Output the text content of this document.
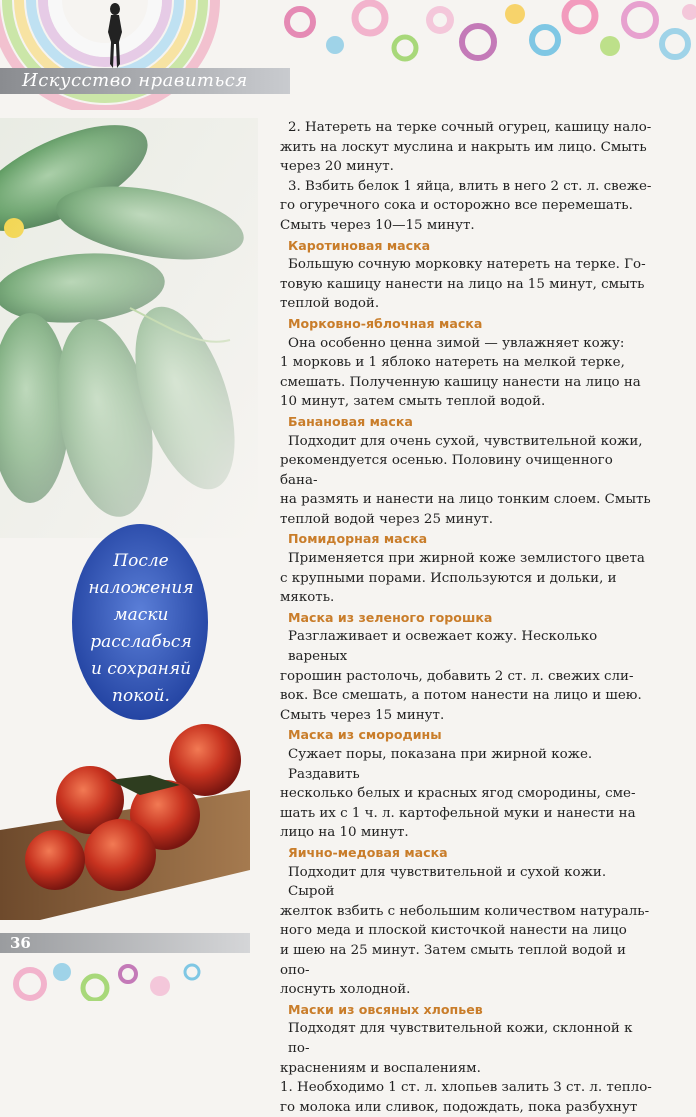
Искусство нравиться
После
наложения
маски
расслабься
и сохраняй
покой.
36
2. Натереть на терке сочный огурец, кашицу нало-
жить на лоскут муслина и накрыть им лицо. Смыть
через 20 минут.
3. Взбить белок 1 яйца, влить в него 2 ст. л. свеже-
го огуречного сока и осторожно все перемешать.
Смыть через 10—15 минут.
Каротиновая маска
Большую сочную морковку натереть на терке. Го-
товую кашицу нанести на лицо на 15 минут, смыть
теплой водой.
Морковно-яблочная маска
Она особенно ценна зимой — увлажняет кожу:
1 морковь и 1 яблоко натереть на мелкой терке,
смешать. Полученную кашицу нанести на лицо на
10 минут, затем смыть теплой водой.
Банановая маска
Подходит для очень сухой, чувствительной кожи,
рекомендуется осенью. Половину очищенного бана-
на размять и нанести на лицо тонким слоем. Смыть
теплой водой через 25 минут.
Помидорная маска
Применяется при жирной коже землистого цвета
с крупными порами. Используются и дольки, и мякоть.
Маска из зеленого горошка
Разглаживает и освежает кожу. Несколько вареных
горошин растолочь, добавить 2 ст. л. свежих сли-
вок. Все смешать, а потом нанести на лицо и шею.
Смыть через 15 минут.
Маска из смородины
Сужает поры, показана при жирной коже. Раздавить
несколько белых и красных ягод смородины, сме-
шать их с 1 ч. л. картофельной муки и нанести на
лицо на 10 минут.
Яично-медовая маска
Подходит для чувствительной и сухой кожи. Сырой
желток взбить с небольшим количеством натураль-
ного меда и плоской кисточкой нанести на лицо
и шею на 25 минут. Затем смыть теплой водой и опо-
лоснуть холодной.
Маски из овсяных хлопьев
Подходят для чувствительной кожи, склонной к по-
краснениям и воспалениям.
1. Необходимо 1 ст. л. хлопьев залить 3 ст. л. тепло-
го молока или сливок, подождать, пока разбухнут
